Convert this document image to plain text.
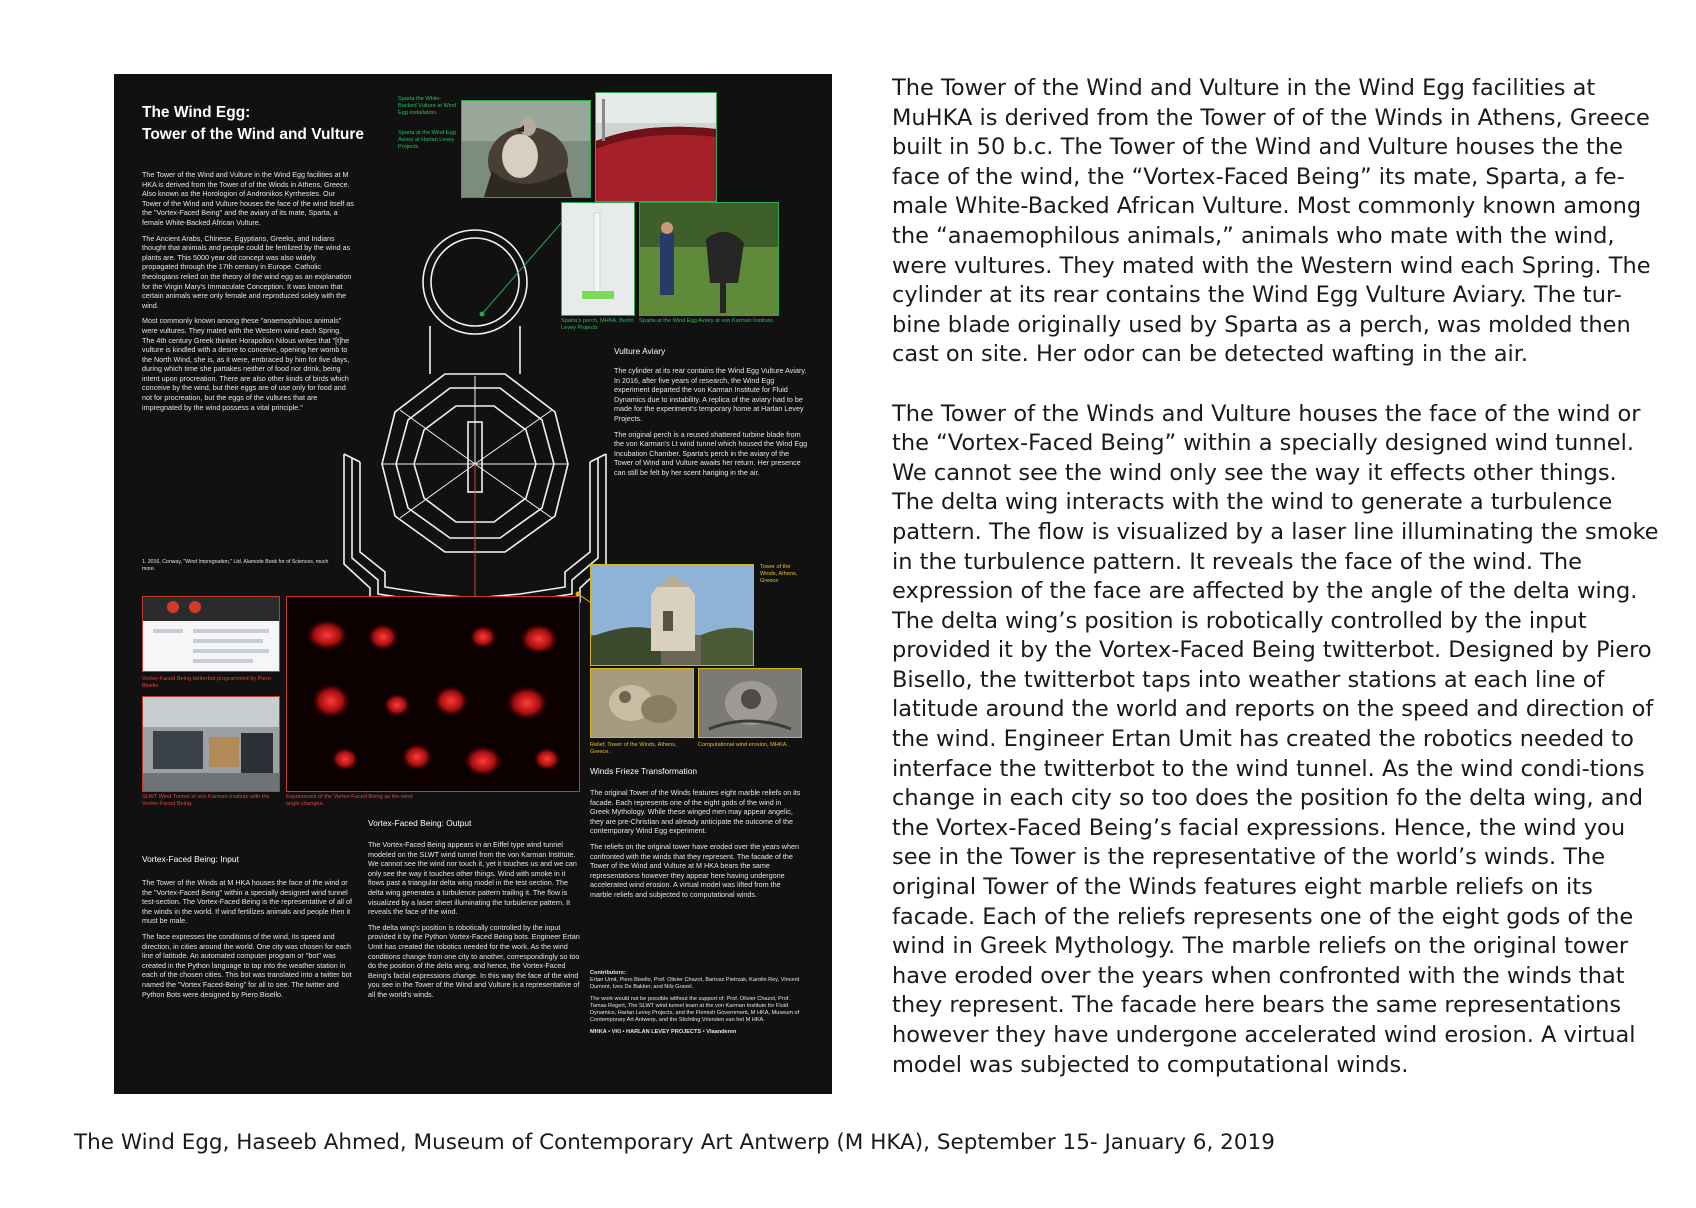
The Wind Egg:
Tower of the Wind and Vulture

The Tower of the Wind and Vulture in the Wind Egg facilities at M HKA is derived from the Tower of of the Winds in Athens, Greece. Also known as the Horologion of Andronikos Kyrrhestes. Our Tower of the Wind and Vulture houses the face of the wind itself as the "Vortex-Faced Being" and the aviary of its mate, Sparta, a female White-Backed African Vulture.

The Ancient Arabs, Chinese, Egyptians, Greeks, and Indians thought that animals and people could be fertilized by the wind as plants are. This 5000 year old concept was also widely propagated through the 17th century in Europe. Catholic theologians relied on the theory of the wind egg as an explanation for the Virgin Mary's Immaculate Conception. It was known that certain animals were only female and reproduced solely with the wind.

Most commonly known among these "anaemophilous animals" were vultures. They mated with the Western wind each Spring. The 4th century Greek thinker Horapollon Nilous writes that "[t]he vulture is kindled with a desire to conceive, opening her womb to the North Wind, she is, as it were, embraced by him for five days, during which time she partakes neither of food nor drink, being intent upon procreation. There are also other kinds of birds which conceive by the wind, but their eggs are of use only for food and not for procreation, but the eggs of the vultures that are impregnated by the wind possess a vital principle."

1. 2016, Conway, "Wind Impregnation," Ltd. Alamode Book for of Sciences, much more.
Sparta the White-Backed Vulture at Wind Egg installation.
Sparta at the Wind Egg Aviary at Harlan Levey Projects.
Sparta's perch, MHKA, Berlin Levey Projects
Sparta at the Wind Egg Aviary at von Karman Institute.
Vulture Aviary

The cylinder at its rear contains the Wind Egg Vulture Aviary. In 2016, after five years of research, the Wind Egg experiment departed the von Karman Institute for Fluid Dynamics due to instability. A replica of the aviary had to be made for the experiment's temporary home at Harlan Levey Projects.

The original perch is a reused shattered turbine blade from the von Karman's Lt wind tunnel which housed the Wind Egg Incubation Chamber. Sparta's perch in the aviary of the Tower of Wind and Vulture awaits her return. Her presence can still be felt by her scent hanging in the air.

Tower of the Winds, Athens, Greece
Relief, Tower of the Winds, Athens, Greece.
Computational wind erosion, MHKA.
Winds Frieze Transformation

The original Tower of the Winds features eight marble reliefs on its facade. Each represents one of the eight gods of the wind in Greek Mythology. While these winged men may appear angelic, they are pre-Christian and already anticipate the outcome of the contemporary Wind Egg experiment.

The reliefs on the original tower have eroded over the years when confronted with the winds that they represent. The facade of the Tower of the Wind and Vulture at M HKA bears the same representations however they appear here having undergone accelerated wind erosion. A virtual model was lifted from the marble reliefs and subjected to computational winds.

Contributors:

Ertan Umit, Piero Bisello, Prof. Olivier Chazot, Bartosz Pietrzak, Karolin Rey, Vincent Dumont, Ives De Bakker, and Nils Gravel.

The work would not be possible without the support of: Prof. Olivier Chazot, Prof. Tamas Regert, The SLWT wind tunnel team at the von Karman Institute for Fluid Dynamics, Harlan Levey Projects, and the Flemish Government, M HKA, Museum of Contemporary Art Antwerp, and the Stichting Vrienden van het M HKA.

MHKA • VKI • HARLAN LEVEY PROJECTS • Vlaanderen

Vortex-Faced Being twitterbot programmed by Piero Bisello
SLWT Wind Tunnel at von Karman Institute with the Vortex-Faced Being.
Expressions of the Vortex-Faced Being as the wind angle changes.
Vortex-Faced Being: Input

The Tower of the Winds at M HKA houses the face of the wind or the "Vortex-Faced Being" within a specially designed wind tunnel test-section. The Vortex-Faced Being is the representative of all of the winds in the world. If wind fertilizes animals and people then it must be male.

The face expresses the conditions of the wind, its speed and direction, in cities around the world. One city was chosen for each line of latitude. An automated computer program or "bot" was created in the Python language to tap into the weather station in each of the chosen cities. This bot was translated into a twitter bot named the "Vortex Faced-Being" for all to see. The twitter and Python Bots were designed by Piero Bisello.

Vortex-Faced Being: Output

The Vortex-Faced Being appears in an Eiffel type wind tunnel modeled on the SLWT wind tunnel from the von Karman Institute. We cannot see the wind nor touch it, yet it touches us and we can only see the way it touches other things. Wind with smoke in it flows past a triangular delta wing model in the test section. The delta wing generates a turbulence pattern trailing it. The flow is visualized by a laser sheet illuminating the turbulence pattern. It reveals the face of the wind.

The delta wing's position is robotically controlled by the input provided it by the Python Vortex-Faced Being bots. Engineer Ertan Umit has created the robotics needed for the work. As the wind conditions change from one city to another, correspondingly so too do the position of the delta wing, and hence, the Vortex-Faced Being's facial expressions change. In this way the face of the wind you see in the Tower of the Wind and Vulture is a representative of all the world's winds.

The Tower of the Wind and Vulture in the Wind Egg facilities at MuHKA is derived from the Tower of of the Winds in Athens, Greece built in 50 b.c. The Tower of the Wind and Vulture houses the the face of the wind, the “Vortex-Faced Being” its mate, Sparta, a fe-male White-Backed African Vulture. Most commonly known among the “anaemophilous animals,” animals who mate with the wind, were vultures. They mated with the Western wind each Spring. The cylinder at its rear contains the Wind Egg Vulture Aviary. The tur-bine blade originally used by Sparta as a perch, was molded then cast on site. Her odor can be detected wafting in the air.

The Tower of the Winds and Vulture houses the face of the wind or the “Vortex-Faced Being” within a specially designed wind tunnel. We cannot see the wind only see the way it effects other things. The delta wing interacts with the wind to generate a turbulence pattern. The flow is visualized by a laser line illuminating the smoke in the turbulence pattern. It reveals the face of the wind. The expression of the face are affected by the angle of the delta wing. The delta wing’s position is robotically controlled by the input provided it by the Vortex-Faced Being twitterbot. Designed by Piero Bisello, the twitterbot taps into weather stations at each line of latitude around the world and reports on the speed and direction of the wind. Engineer Ertan Umit has created the robotics needed to interface the twitterbot to the wind tunnel. As the wind condi-tions change in each city so too does the position fo the delta wing, and the Vortex-Faced Being’s facial expressions. Hence, the wind you see in the Tower is the representative of the world’s winds. The original Tower of the Winds features eight marble reliefs on its facade. Each of the reliefs represents one of the eight gods of the wind in Greek Mythology. The marble reliefs on the original tower have eroded over the years when confronted with the winds that they represent. The facade here bears the same representations however they have undergone accelerated wind erosion. A virtual model was subjected to computational winds.

The Wind Egg, Haseeb Ahmed, Museum of Contemporary Art Antwerp (M HKA), September 15- January 6, 2019
